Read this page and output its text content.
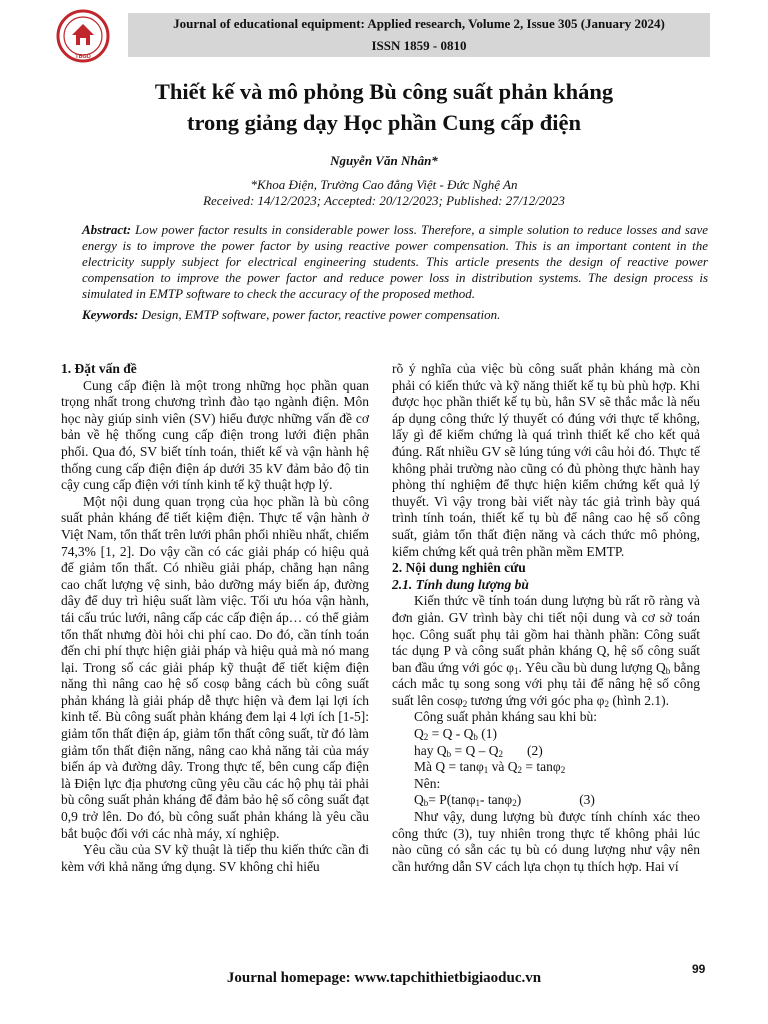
TBGD
Journal of educational equipment: Applied research, Volume 2, Issue 305 (January 2024)
ISSN 1859 - 0810
Thiết kế và mô phỏng Bù công suất phản kháng
trong giảng dạy Học phần Cung cấp điện
Nguyễn Văn Nhân*
*Khoa Điện, Trường Cao đẳng Việt - Đức Nghệ An
Received: 14/12/2023; Accepted: 20/12/2023; Published: 27/12/2023

Abstract: Low power factor results in considerable power loss. Therefore, a simple solution to reduce losses and save energy is to improve the power factor by using reactive power compensation. This is an important content in the electricity supply subject for electrical engineering students. This article presents the design of reactive power compensation to improve the power factor and reduce power loss in distribution systems. The design process is simulated in EMTP software to check the accuracy of the proposed method.

Keywords: Design, EMTP software, power factor, reactive power compensation.

1. Đặt vấn đề

Cung cấp điện là một trong những học phần quan trọng nhất trong chương trình đào tạo ngành điện. Môn học này giúp sinh viên (SV) hiểu được những vấn đề cơ bản về hệ thống cung cấp điện trong lưới điện phân phối. Qua đó, SV biết tính toán, thiết kế và vận hành hệ thống cung cấp điện điện áp dưới 35 kV đảm bảo độ tin cậy cung cấp điện với tính kinh tế kỹ thuật hợp lý.

Một nội dung quan trọng của học phần là bù công suất phản kháng để tiết kiệm điện. Thực tế vận hành ở Việt Nam, tổn thất trên lưới phân phối nhiều nhất, chiếm 74,3% [1, 2]. Do vậy cần có các giải pháp có hiệu quả để giảm tổn thất. Có nhiều giải pháp, chẳng hạn nâng cao chất lượng vệ sinh, bảo dưỡng máy biến áp, đường dây để duy trì hiệu suất làm việc. Tối ưu hóa vận hành, tái cấu trúc lưới, nâng cấp các cấp điện áp… có thể giảm tổn thất nhưng đòi hỏi chi phí cao. Do đó, cần tính toán đến chi phí thực hiện giải pháp và hiệu quả mà nó mang lại. Trong số các giải pháp kỹ thuật để tiết kiệm điện năng thì nâng cao hệ số cosφ bằng cách bù công suất phản kháng là giải pháp dễ thực hiện và đem lại lợi ích kinh tế. Bù công suất phản kháng đem lại 4 lợi ích [1-5]: giảm tổn thất điện áp, giảm tổn thất công suất, từ đó làm giảm tổn thất điện năng, nâng cao khả năng tải của máy biến áp và đường dây. Trong thực tế, bên cung cấp điện là Điện lực địa phương cũng yêu cầu các hộ phụ tải phải bù công suất phản kháng để đảm bảo hệ số công suất đạt 0,9 trở lên. Do đó, bù công suất phản kháng là yêu cầu bắt buộc đối với các nhà máy, xí nghiệp.

Yêu cầu của SV kỹ thuật là tiếp thu kiến thức cần đi kèm với khả năng ứng dụng. SV không chỉ hiểu

rõ ý nghĩa của việc bù công suất phản kháng mà còn phải có kiến thức và kỹ năng thiết kế tụ bù phù hợp. Khi được học phần thiết kế tụ bù, hẳn SV sẽ thắc mắc là nếu áp dụng công thức lý thuyết có đúng với thực tế không, lấy gì để kiểm chứng là quá trình thiết kế cho kết quả đúng. Rất nhiều GV sẽ lúng túng với câu hỏi đó. Thực tế không phải trường nào cũng có đủ phòng thực hành hay phòng thí nghiệm để thực hiện kiểm chứng kết quả lý thuyết. Vì vậy trong bài viết này tác giả trình bày quá trình tính toán, thiết kế tụ bù để nâng cao hệ số công suất, giảm tổn thất điện năng và cách thức mô phỏng, kiểm chứng kết quả trên phần mềm EMTP.

2. Nội dung nghiên cứu

2.1. Tính dung lượng bù

Kiến thức về tính toán dung lượng bù rất rõ ràng và đơn giản. GV trình bày chi tiết nội dung và cơ sở toán học. Công suất phụ tải gồm hai thành phần: Công suất tác dụng P và công suất phản kháng Q, hệ số công suất ban đầu ứng với góc $\varphi_1$. Yêu cầu bù dung lượng $Q_b$ bằng cách mắc tụ song song với phụ tải để nâng hệ số công suất lên cosφ$_2$ tương ứng với góc pha $\varphi_2$ (hình 2.1).

Công suất phản kháng sau khi bù:

$Q_2 = Q - Q_b$ (1)

hay $Q_b = Q - Q_2$ (2)

Mà Q = tanφ$_1$ và $Q_2 = \tan\varphi_2$

Nên:

$Q_b= P(\tan\varphi_1-$ tanφ$_2$)	(3)

Như vậy, dung lượng bù được tính chính xác theo công thức (3), tuy nhiên trong thực tế không phải lúc nào cũng có sẵn các tụ bù có dung lượng như vậy nên cần hướng dẫn SV cách lựa chọn tụ thích hợp. Hai ví

99
Journal homepage: www.tapchithietbigiaoduc.vn
